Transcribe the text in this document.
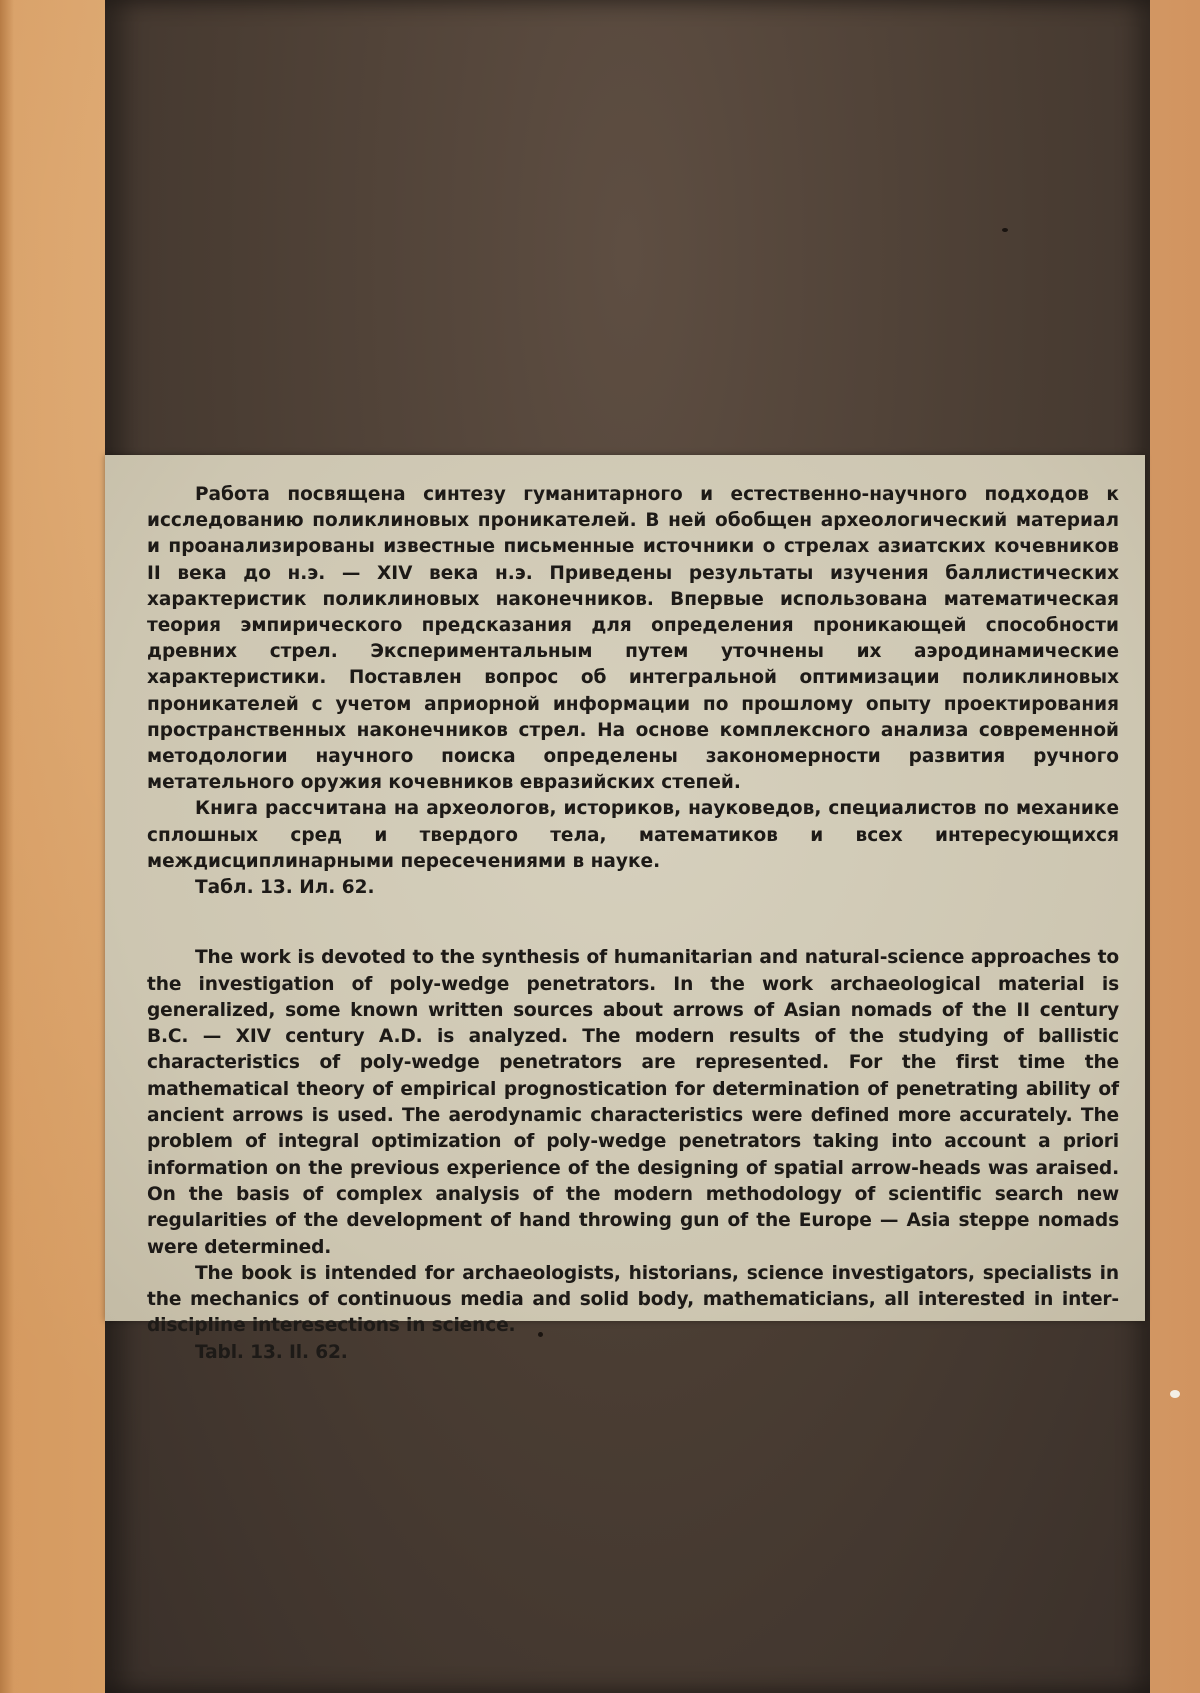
Работа посвящена синтезу гуманитарного и естественно-научного подходов к исследованию поликлиновых проникателей. В ней обобщен археологический материал и проанализированы известные письменные источники о стрелах азиатских кочевников II века до н.э. — XIV века н.э. Приведены результаты изучения баллистических характеристик поликлиновых наконечников. Впервые использована математическая теория эмпирического предсказания для определения проникающей способности древних стрел. Экспериментальным путем уточнены их аэродинамические характеристики. Поставлен вопрос об интегральной оптимизации поликлиновых проникателей с учетом априорной информации по прошлому опыту проектирования пространственных наконечников стрел. На основе комплексного анализа современной методологии научного поиска определены закономерности развития ручного метательного оружия кочевников евразийских степей.

Книга рассчитана на археологов, историков, науковедов, специалистов по механике сплошных сред и твердого тела, математиков и всех интересующихся междисциплинарными пересечениями в науке.

Табл. 13. Ил. 62.

The work is devoted to the synthesis of humanitarian and natural-science approaches to the investigation of poly-wedge penetrators. In the work archaeological material is generalized, some known written sources about arrows of Asian nomads of the II century B.C. — XIV century A.D. is analyzed. The modern results of the studying of ballistic characteristics of poly-wedge penetrators are represented. For the first time the mathematical theory of empirical prognostication for determination of penetrating ability of ancient arrows is used. The aerodynamic characteristics were defined more accurately. The problem of integral optimization of poly-wedge penetrators taking into account a priori information on the previous experience of the designing of spatial arrow-heads was araised. On the basis of complex analysis of the modern methodology of scientific search new regularities of the development of hand throwing gun of the Europe — Asia steppe nomads were determined.

The book is intended for archaeologists, historians, science investigators, specialists in the mechanics of continuous media and solid body, mathematicians, all interested in inter-discipline interesections in science.

Tabl. 13. Il. 62.
